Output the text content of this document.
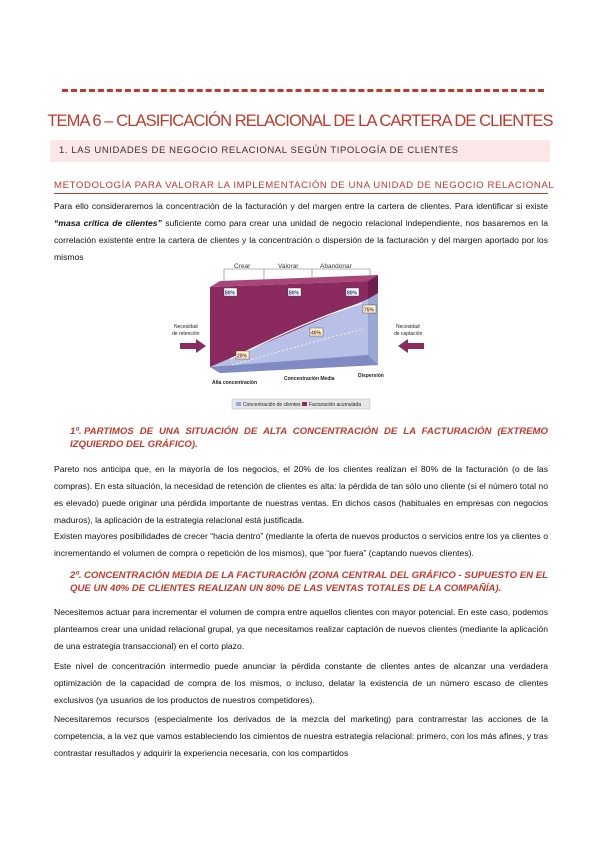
TEMA 6 – CLASIFICACIÓN RELACIONAL DE LA CARTERA DE CLIENTES
1. LAS UNIDADES DE NEGOCIO RELACIONAL SEGÚN TIPOLOGÍA DE CLIENTES
METODOLOGÍA PARA VALORAR LA IMPLEMENTACIÓN DE UNA UNIDAD DE NEGOCIO RELACIONAL

Para ello consideraremos la concentración de la facturación y del margen entre la cartera de clientes. Para identificar si existe “masa crítica de clientes” suficiente como para crear una unidad de negocio relacional independiente, nos basaremos en la correlación existente entre la cartera de clientes y la concentración o dispersión de la facturación y del margen aportado por los mismos

Crear	Valorar	Abandonar
80%	80%	80%
20%
40%
75%
Necesidad
de retención
Necesidad
de captación
Alta concentración
Concentración Media	Dispersión
Concentración de clientes Facturación acumulada
1º. PARTIMOS DE UNA SITUACIÓN DE ALTA CONCENTRACIÓN DE LA FACTURACIÓN (EXTREMO IZQUIERDO DEL GRÁFICO).

Pareto nos anticipa que, en la mayoría de los negocios, el 20% de los clientes realizan el 80% de la facturación (o de las compras). En esta situación, la necesidad de retención de clientes es alta: la pérdida de tan sólo uno cliente (si el número total no es elevado) puede originar una pérdida importante de nuestras ventas. En dichos casos (habituales en empresas con negocios maduros), la aplicación de la estrategia relacional está justificada.

Existen mayores posibilidades de crecer “hacia dentro” (mediante la oferta de nuevos productos o servicios entre los ya clientes o incrementando el volumen de compra o repetición de los mismos), que “por fuera” (captando nuevos clientes).

2º. CONCENTRACIÓN MEDIA DE LA FACTURACIÓN (ZONA CENTRAL DEL GRÁFICO - SUPUESTO EN EL QUE UN 40% DE CLIENTES REALIZAN UN 80% DE LAS VENTAS TOTALES DE LA COMPAÑÍA).

Necesitemos actuar para incrementar el volumen de compra entre aquellos clientes con mayor potencial. En este caso, podemos planteamos crear una unidad relacional grupal, ya que necesitamos realizar captación de nuevos clientes (mediante la aplicación de una estrategia transaccional) en el corto plazo.

Este nivel de concentración intermedio puede anunciar la pérdida constante de clientes antes de alcanzar una verdadera optimización de la capacidad de compra de los mismos, o incluso, delatar la existencia de un número escaso de clientes exclusivos (ya usuarios de los productos de nuestros competidores).

Necesitaremos recursos (especialmente los derivados de la mezcla del marketing) para contrarrestar las acciones de la competencia, a la vez que vamos estableciendo los cimientos de nuestra estrategia relacional: primero, con los más afines, y tras contrastar resultados y adquirir la experiencia necesaria, con los compartidos
